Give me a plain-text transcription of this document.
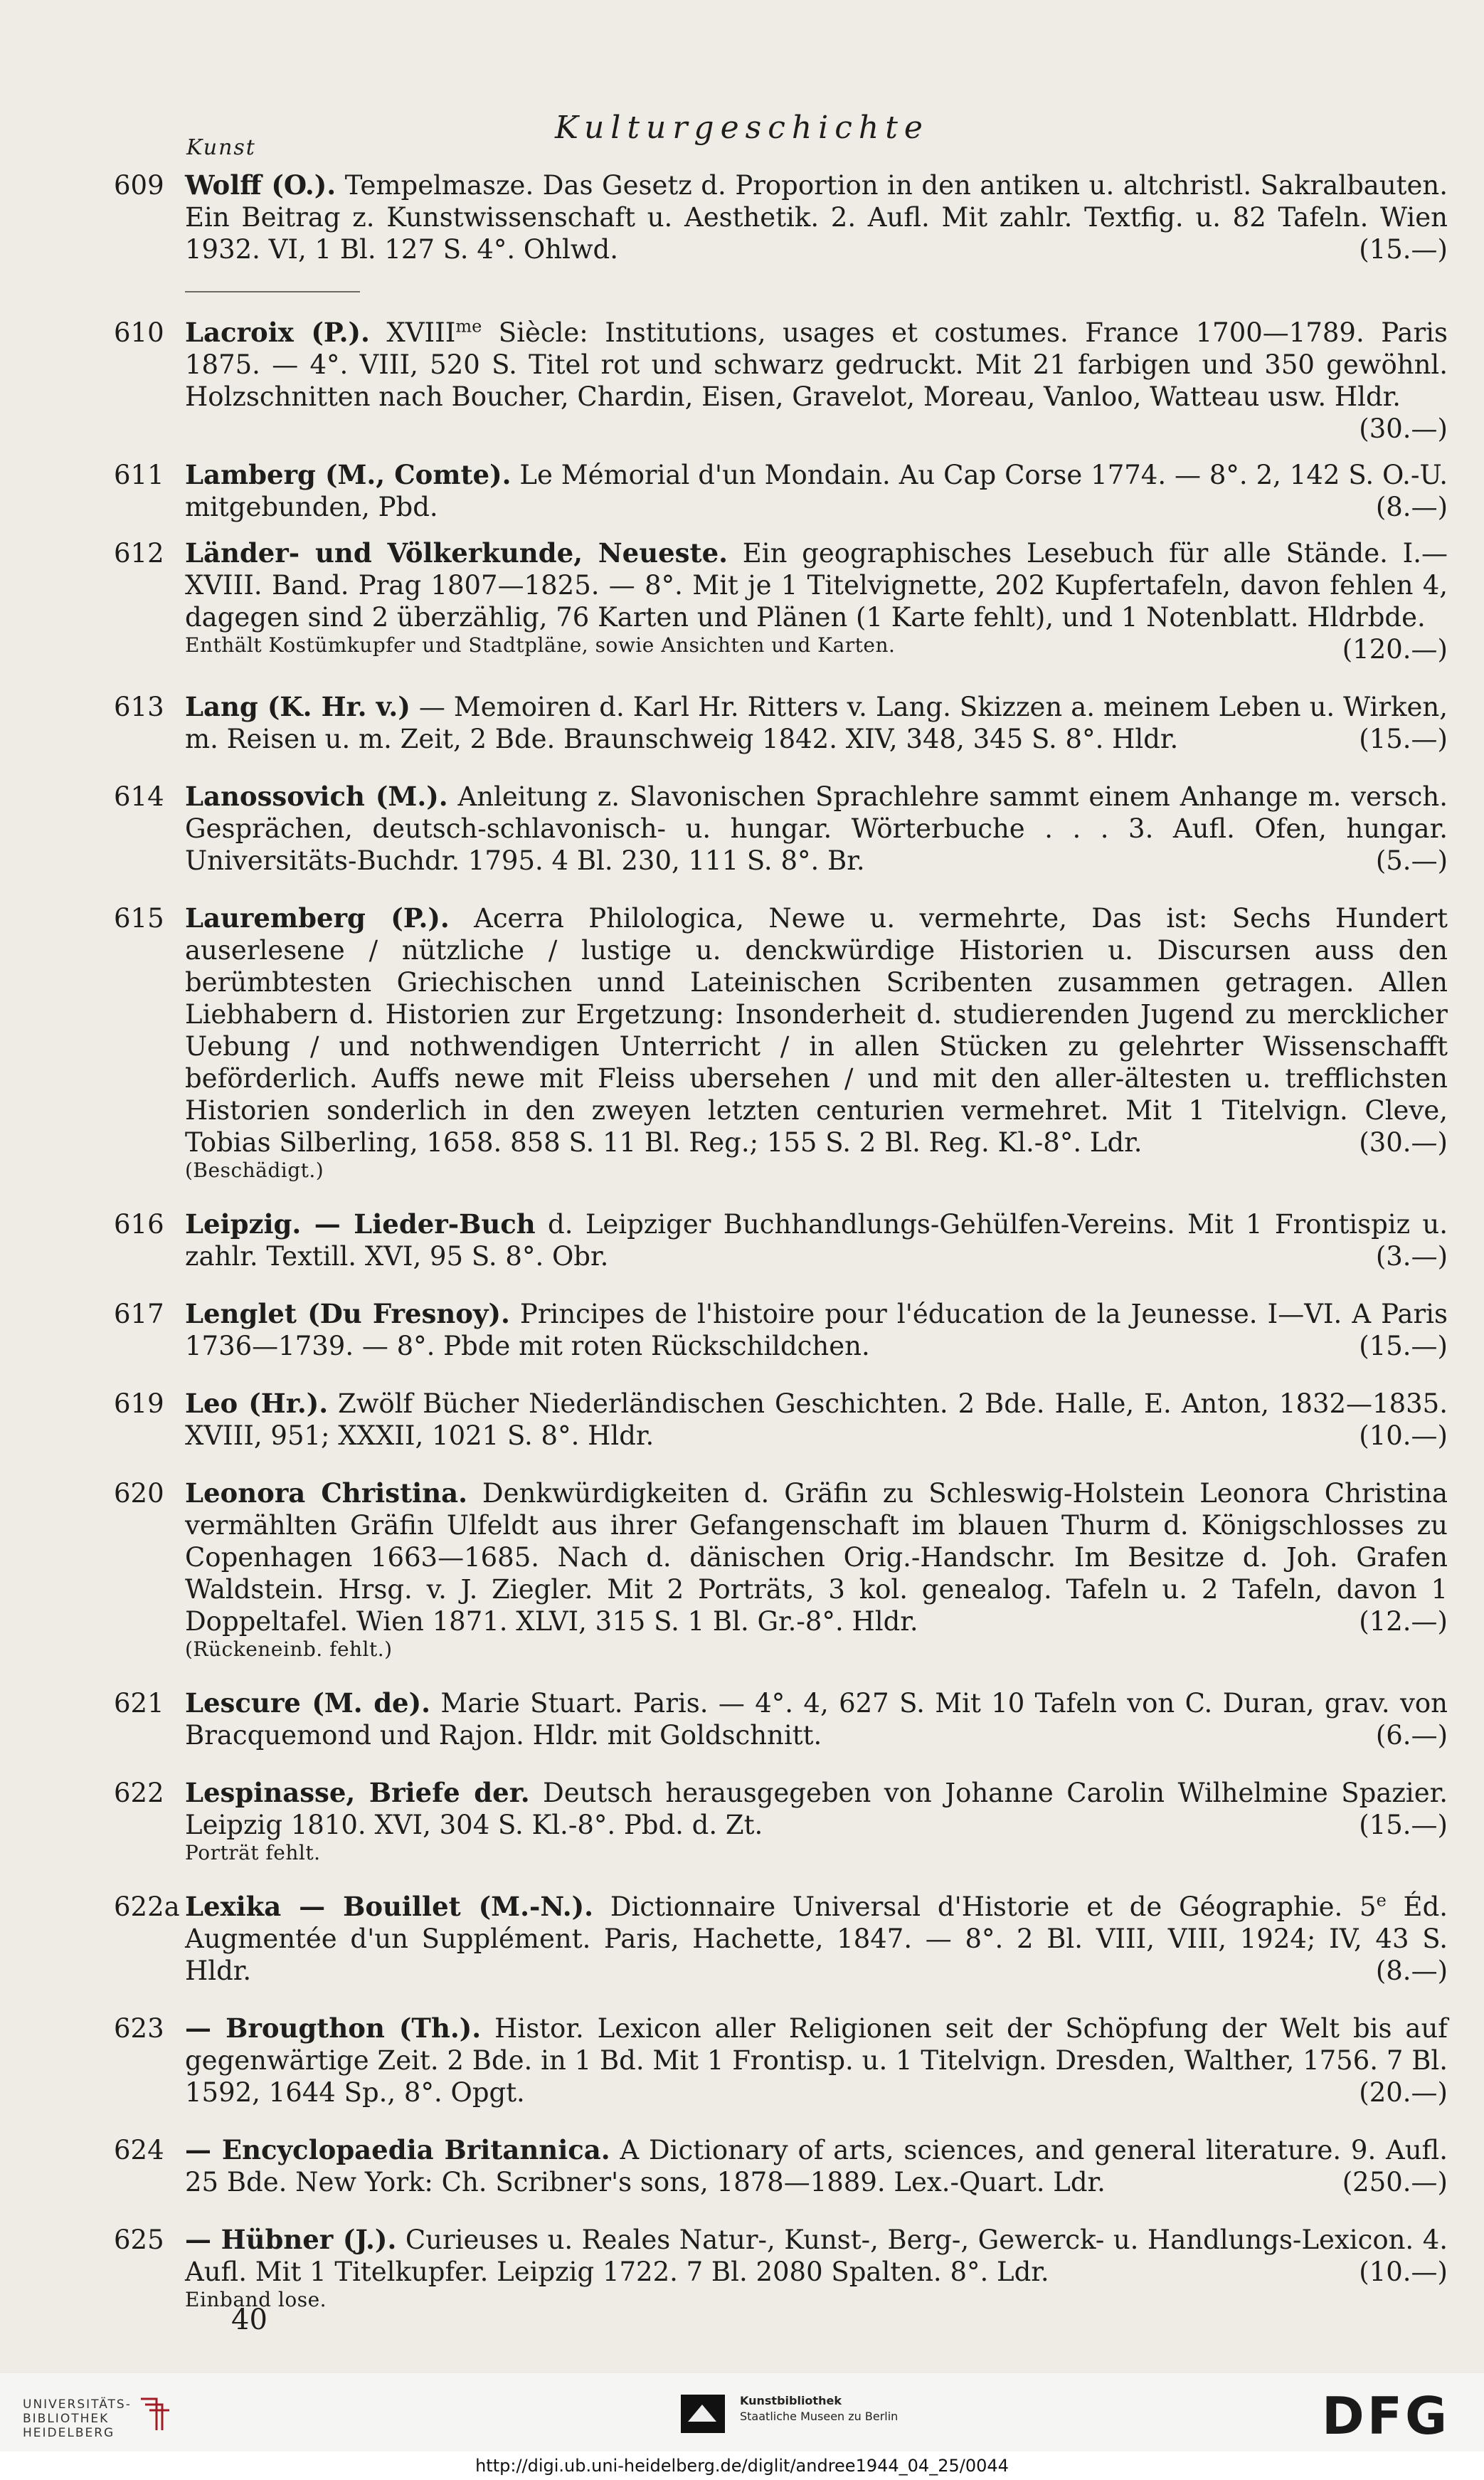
Kunst
Kulturgeschichte
609 Wolff (O.). Tempelmasze. Das Gesetz d. Proportion in den antiken u. altchristl. Sakralbauten. Ein Beitrag z. Kunstwissenschaft u. Aesthetik. 2. Aufl. Mit zahlr. Textfig. u. 82 Tafeln. Wien 1932. VI, 1 Bl. 127 S. 4°. Ohlwd.	(15.—)
610 Lacroix (P.). $XVIII^{me}$ Siècle: Institutions, usages et costumes. France 1700—1789. Paris 1875. — 4°. VIII, 520 S. Titel rot und schwarz gedruckt. Mit 21 farbigen und 350 gewöhnl. Holzschnitten nach Boucher, Chardin, Eisen, Gravelot, Moreau, Vanloo, Watteau usw. Hldr.
(30.—)
611 Lamberg (M., Comte). Le Mémorial d'un Mondain. Au Cap Corse 1774. — 8°. 2, 142 S. O.-U. mitgebunden, Pbd.	(8.—)
612 Länder- und Völkerkunde, Neueste. Ein geographisches Lesebuch für alle Stände. I.—XVIII. Band. Prag 1807—1825. — 8°. Mit je 1 Titelvignette, 202 Kupfertafeln, davon fehlen 4, dagegen sind 2 überzählig, 76 Karten und Plänen (1 Karte fehlt), und 1 Notenblatt. Hldrbde.
(120.—)
Enthält Kostümkupfer und Stadtpläne, sowie Ansichten und Karten.
613 Lang (K. Hr. v.) — Memoiren d. Karl Hr. Ritters v. Lang. Skizzen a. meinem Leben u. Wirken, m. Reisen u. m. Zeit, 2 Bde. Braunschweig 1842. XIV, 348, 345 S. 8°. Hldr.	(15.—)
614 Lanossovich (M.). Anleitung z. Slavonischen Sprachlehre sammt einem Anhange m. versch. Gesprächen, deutsch-schlavonisch- u. hungar. Wörterbuche . . . 3. Aufl. Ofen, hungar. Universitäts-Buchdr. 1795. 4 Bl. 230, 111 S. 8°. Br.	(5.—)
615 Lauremberg (P.). Acerra Philologica, Newe u. vermehrte, Das ist: Sechs Hundert auserlesene / nützliche / lustige u. denckwürdige Historien u. Discursen auss den berümbtesten Griechischen unnd Lateinischen Scribenten zusammen getragen. Allen Liebhabern d. Historien zur Ergetzung: Insonderheit d. studierenden Jugend zu mercklicher Uebung / und nothwendigen Unterricht / in allen Stücken zu gelehrter Wissenschafft beförderlich. Auffs newe mit Fleiss ubersehen / und mit den aller-ältesten u. trefflichsten Historien sonderlich in den zweyen letzten centurien vermehret. Mit 1 Titelvign. Cleve, Tobias Silberling, 1658. 858 S. 11 Bl. Reg.; 155 S. 2 Bl. Reg. Kl.-8°. Ldr.	(30.—)
(Beschädigt.)
616 Leipzig. — Lieder-Buch d. Leipziger Buchhandlungs-Gehülfen-Vereins. Mit 1 Frontispiz u. zahlr. Textill. XVI, 95 S. 8°. Obr.	(3.—)
617 Lenglet (Du Fresnoy). Principes de l'histoire pour l'éducation de la Jeunesse. I—VI. A Paris 1736—1739. — 8°. Pbde mit roten Rückschildchen.	(15.—)
619 Leo (Hr.). Zwölf Bücher Niederländischen Geschichten. 2 Bde. Halle, E. Anton, 1832—1835. XVIII, 951; XXXII, 1021 S. 8°. Hldr.	(10.—)
620 Leonora Christina. Denkwürdigkeiten d. Gräfin zu Schleswig-Holstein Leonora Christina vermählten Gräfin Ulfeldt aus ihrer Gefangenschaft im blauen Thurm d. Königschlosses zu Copenhagen 1663—1685. Nach d. dänischen Orig.-Handschr. Im Besitze d. Joh. Grafen Waldstein. Hrsg. v. J. Ziegler. Mit 2 Porträts, 3 kol. genealog. Tafeln u. 2 Tafeln, davon 1 Doppeltafel. Wien 1871. XLVI, 315 S. 1 Bl. Gr.-8°. Hldr.	(12.—)
(Rückeneinb. fehlt.)
621 Lescure (M. de). Marie Stuart. Paris. — 4°. 4, 627 S. Mit 10 Tafeln von C. Duran, grav. von Bracquemond und Rajon. Hldr. mit Goldschnitt.	(6.—)
622 Lespinasse, Briefe der. Deutsch herausgegeben von Johanne Carolin Wilhelmine Spazier. Leipzig 1810. XVI, 304 S. Kl.-8°. Pbd. d. Zt.	(15.—)
Porträt fehlt.
622a Lexika — Bouillet (M.-N.). Dictionnaire Universal d'Historie et de Géographie. 5e Éd. Augmentée d'un Supplément. Paris, Hachette, 1847. — 8°. 2 Bl. VIII, VIII, 1924; IV, 43 S. Hldr.	(8.—)
623 — Brougthon (Th.). Histor. Lexicon aller Religionen seit der Schöpfung der Welt bis auf gegenwärtige Zeit. 2 Bde. in 1 Bd. Mit 1 Frontisp. u. 1 Titelvign. Dresden, Walther, 1756. 7 Bl. 1592, 1644 Sp., 8°. Opgt.	(20.—)
624 — Encyclopaedia Britannica. A Dictionary of arts, sciences, and general literature. 9. Aufl. 25 Bde. New York: Ch. Scribner's sons, 1878—1889. Lex.-Quart. Ldr.	(250.—)
625 — Hübner (J.). Curieuses u. Reales Natur-, Kunst-, Berg-, Gewerck- u. Handlungs-Lexicon. 4. Aufl. Mit 1 Titelkupfer. Leipzig 1722. 7 Bl. 2080 Spalten. 8°. Ldr.	(10.—)
Einband lose.
40
UNIVERSITÄTS-
BIBLIOTHEK
HEIDELBERG
Kunstbibliothek
Staatliche Museen zu Berlin	DFG
http://digi.ub.uni-heidelberg.de/diglit/andree1944_04_25/0044
